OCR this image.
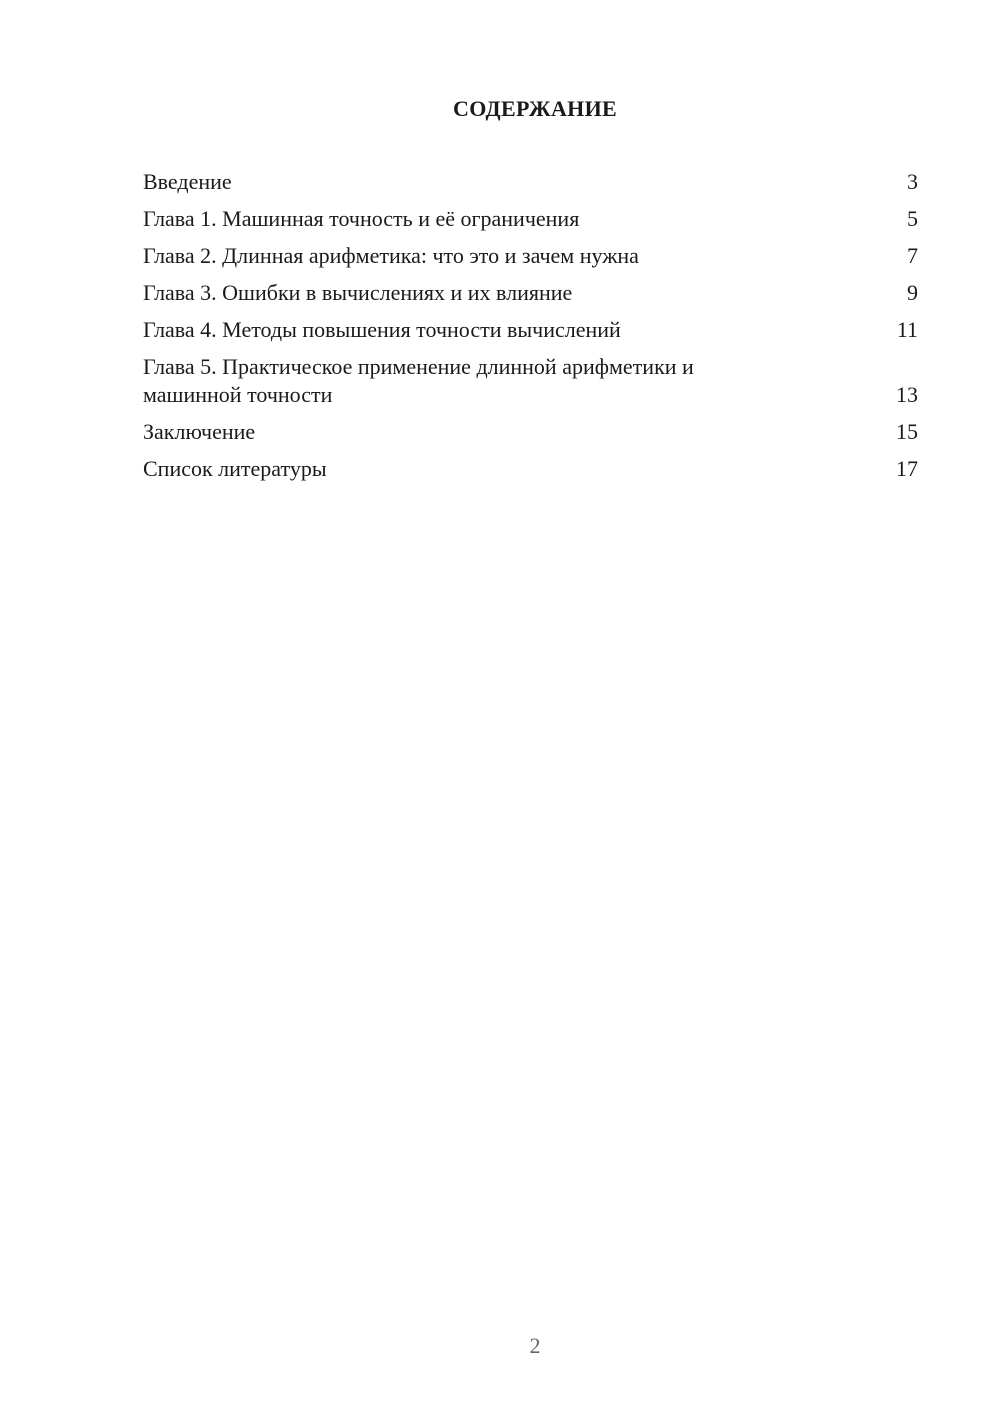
СОДЕРЖАНИЕ
Введение	3
Глава 1. Машинная точность и её ограничения	5
Глава 2. Длинная арифметика: что это и зачем нужна	7
Глава 3. Ошибки в вычислениях и их влияние	9
Глава 4. Методы повышения точности вычислений	11
Глава 5. Практическое применение длинной арифметики и машинной точности	13
Заключение	15
Список литературы	17
2
